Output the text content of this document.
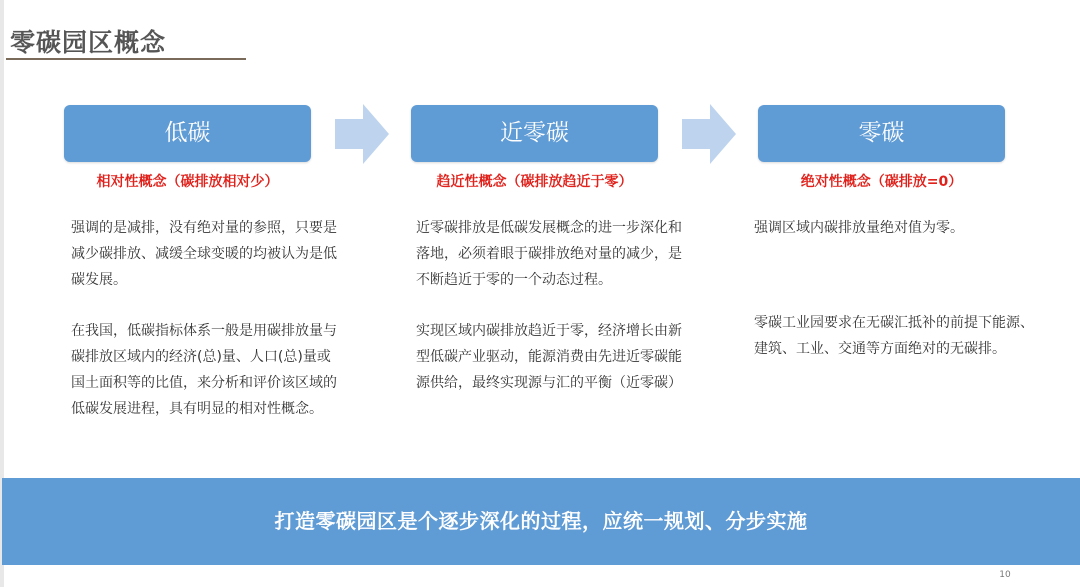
零碳园区概念
低碳	近零碳	零碳
相对性概念（碳排放相对少）	趋近性概念（碳排放趋近于零）	绝对性概念（碳排放=0）

强调的是减排，没有绝对量的参照，只要是减少碳排放、减缓全球变暖的均被认为是低碳发展。

在我国，低碳指标体系一般是用碳排放量与碳排放区域内的经济(总)量、人口(总)量或国土面积等的比值，来分析和评价该区域的低碳发展进程，具有明显的相对性概念。

近零碳排放是低碳发展概念的进一步深化和落地，必须着眼于碳排放绝对量的减少，是不断趋近于零的一个动态过程。

实现区域内碳排放趋近于零，经济增长由新型低碳产业驱动，能源消费由先进近零碳能源供给，最终实现源与汇的平衡（近零碳）

强调区域内碳排放量绝对值为零。

零碳工业园要求在无碳汇抵补的前提下能源、建筑、工业、交通等方面绝对的无碳排。

打造零碳园区是个逐步深化的过程，应统一规划、分步实施
10
